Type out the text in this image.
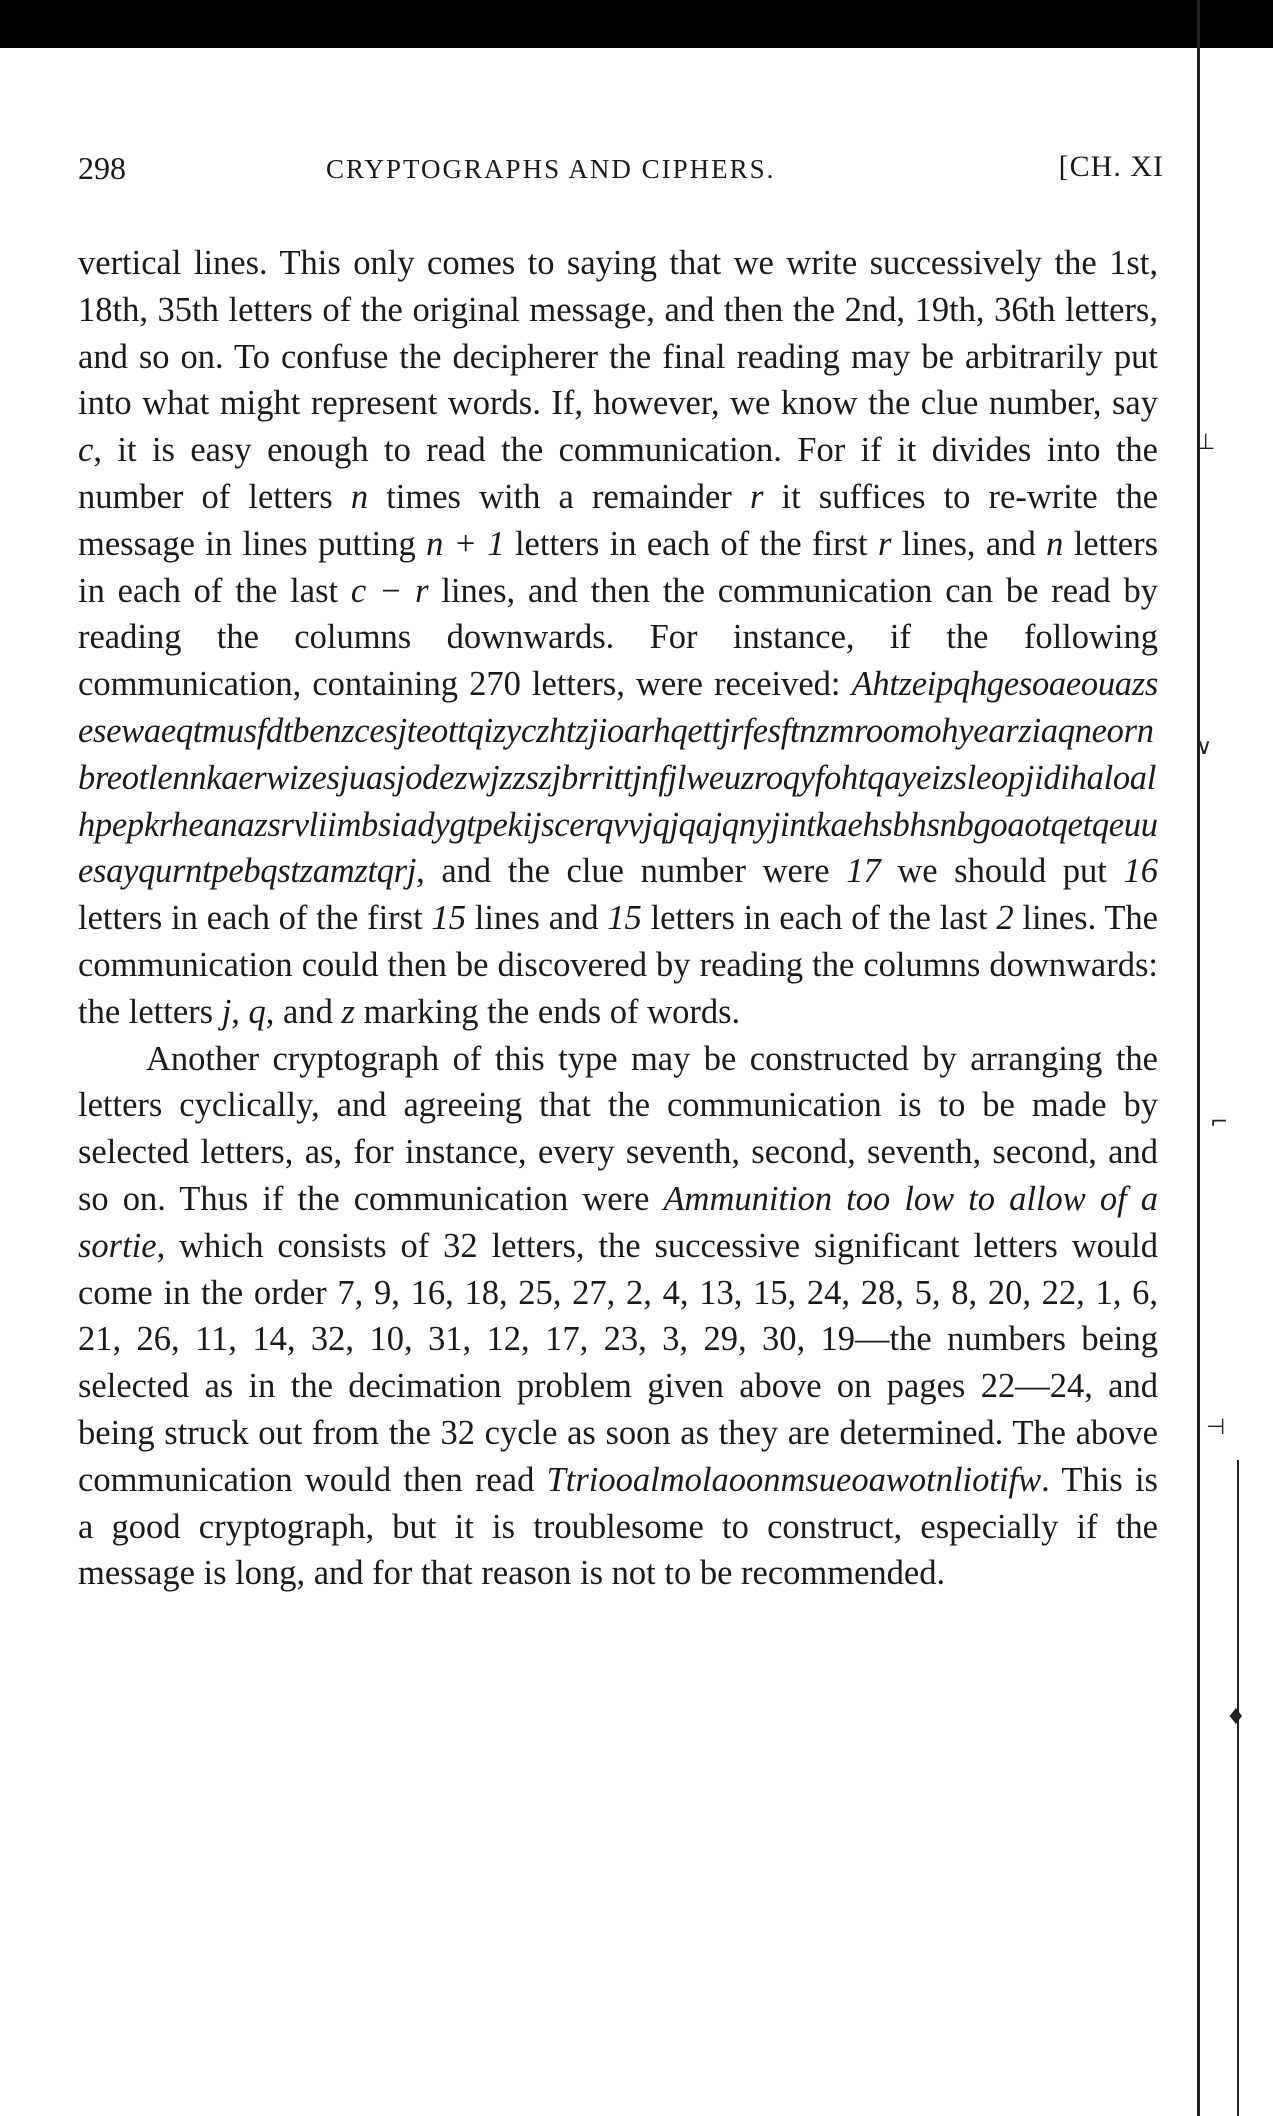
⊥
∨
⌐
⊣
♦
298	CRYPTOGRAPHS AND CIPHERS.	[CH. XI

vertical lines. This only comes to saying that we write successively the 1st, 18th, 35th letters of the original message, and then the 2nd, 19th, 36th letters, and so on. To confuse the decipherer the final reading may be arbitrarily put into what might represent words. If, however, we know the clue number, say c, it is easy enough to read the communication. For if it divides into the number of letters n times with a remainder r it suffices to re-write the message in lines putting n + 1 letters in each of the first r lines, and n letters in each of the last c − r lines, and then the communication can be read by reading the columns downwards. For instance, if the following communication, containing 270 letters, were received: Ahtzeipqhgesoaeouazsesewaeqtmusfdtbenzcesjteottqizyczhtzjioarhqettjrfesftnzmroomohyearziaqneornbreotlennkaerwizesjuasjodezwjzzszjbrrittjnfjlweuzroqyfohtqayeizsleopjidihaloalhpepkrheanazsrvliimbsiadygtpekijscerqvvjqjqajqnyjintkaehsbhsnbgoaotqetqeuuesayqurntpebqstzamztqrj, and the clue number were 17 we should put 16 letters in each of the first 15 lines and 15 letters in each of the last 2 lines. The communication could then be discovered by reading the columns downwards: the letters j, q, and z marking the ends of words.

Another cryptograph of this type may be constructed by arranging the letters cyclically, and agreeing that the communication is to be made by selected letters, as, for instance, every seventh, second, seventh, second, and so on. Thus if the communication were Ammunition too low to allow of a sortie, which consists of 32 letters, the successive significant letters would come in the order 7, 9, 16, 18, 25, 27, 2, 4, 13, 15, 24, 28, 5, 8, 20, 22, 1, 6, 21, 26, 11, 14, 32, 10, 31, 12, 17, 23, 3, 29, 30, 19—the numbers being selected as in the decimation problem given above on pages 22—24, and being struck out from the 32 cycle as soon as they are determined. The above communication would then read Ttriooalmolaoonmsueoawotnliotifw. This is a good cryptograph, but it is troublesome to construct, especially if the message is long, and for that reason is not to be recommended.
